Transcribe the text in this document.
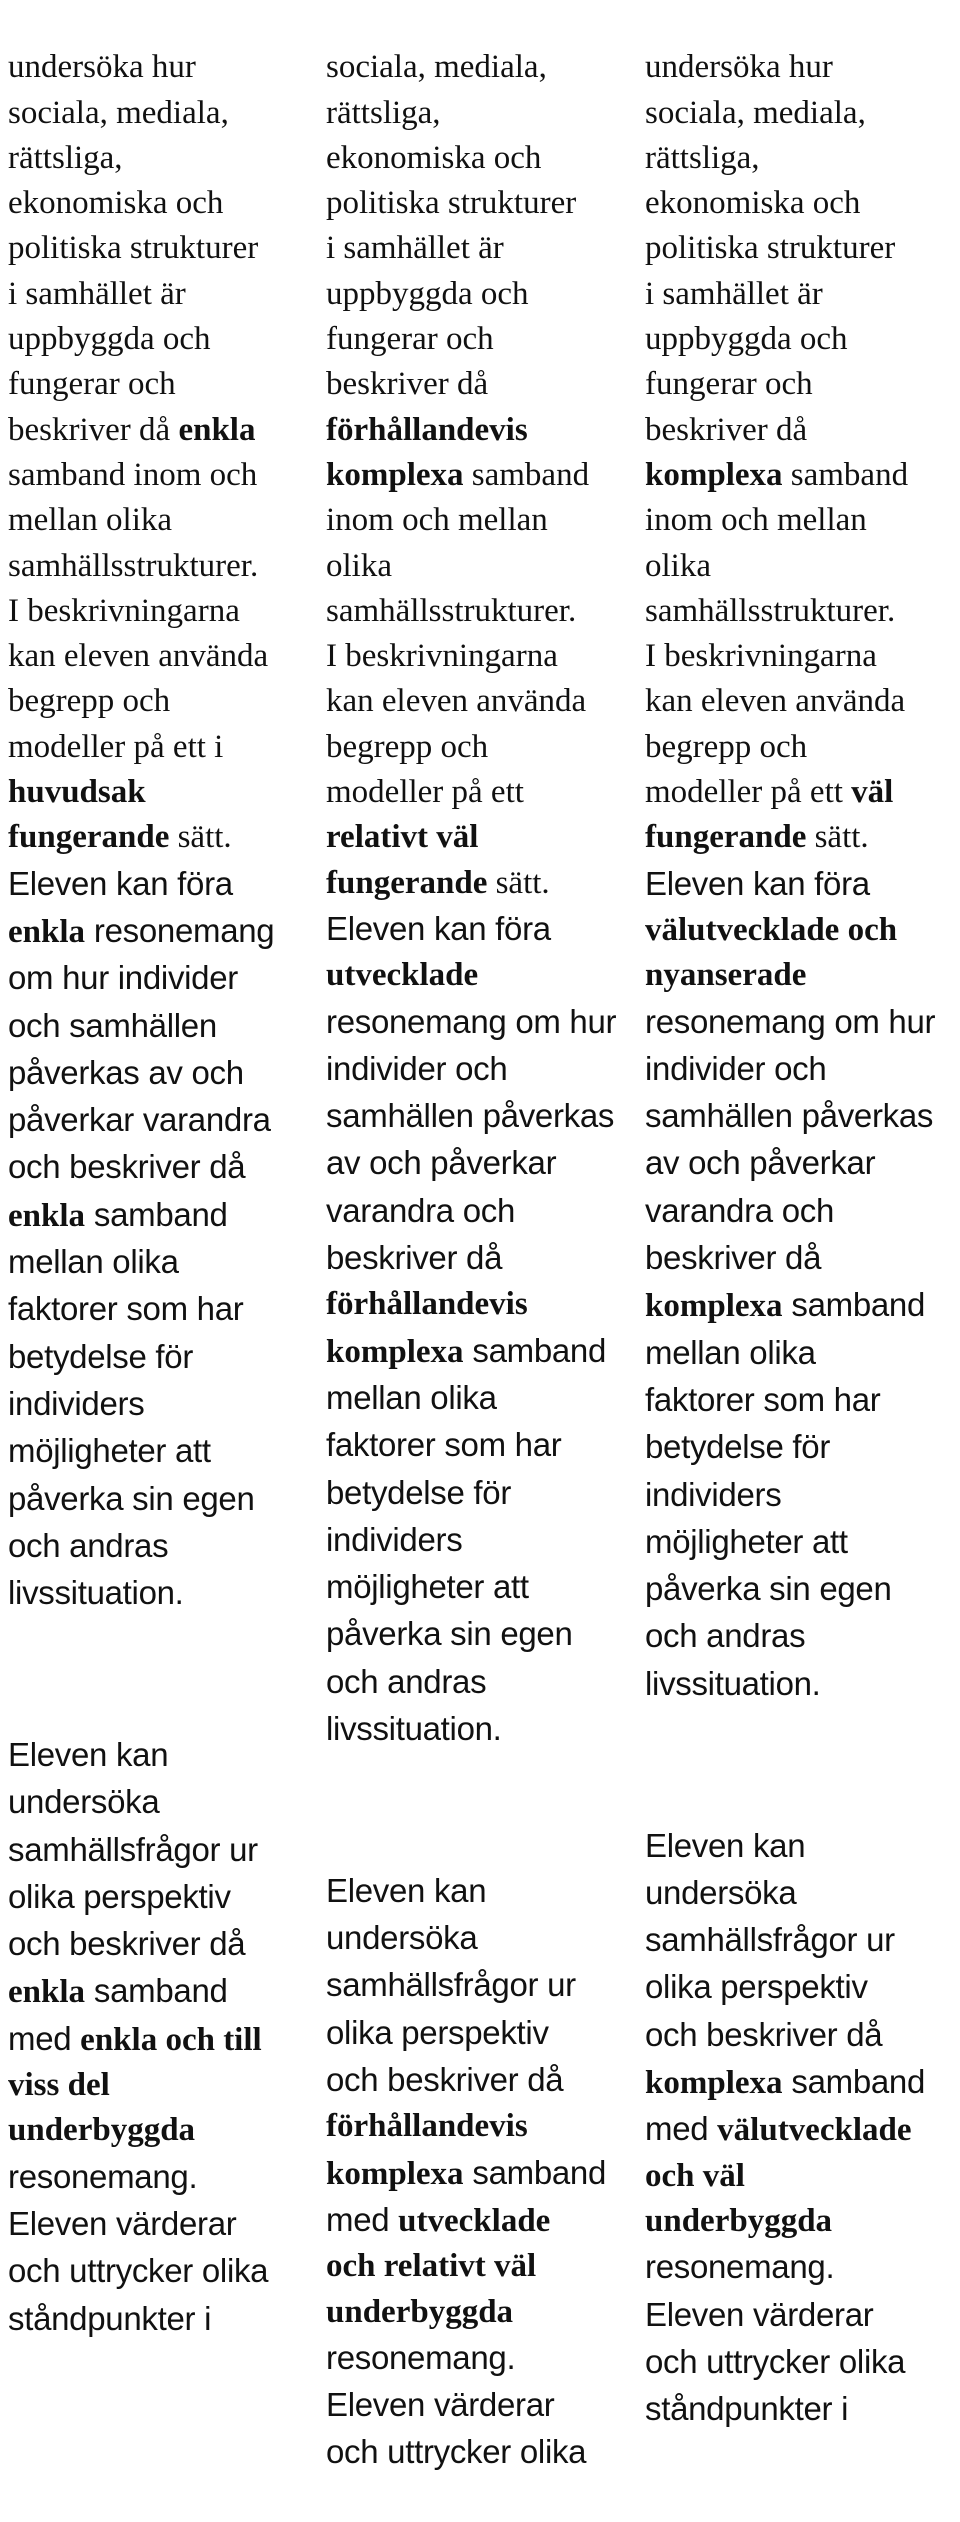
undersöka hur
sociala, mediala,
rättsliga,
ekonomiska och
politiska strukturer
i samhället är
uppbyggda och
fungerar och
beskriver då enkla
samband inom och
mellan olika
samhällsstrukturer.
I beskrivningarna
kan eleven använda
begrepp och
modeller på ett i
huvudsak
fungerande sätt.
Eleven kan föra
enkla resonemang
om hur individer
och samhällen
påverkas av och
påverkar varandra
och beskriver då
enkla samband
mellan olika
faktorer som har
betydelse för
individers
möjligheter att
påverka sin egen
och andras
livssituation.

Eleven kan
undersöka
samhällsfrågor ur
olika perspektiv
och beskriver då
enkla samband
med enkla och till
viss del
underbyggda
resonemang.
Eleven värderar
och uttrycker olika
ståndpunkter i

sociala, mediala,
rättsliga,
ekonomiska och
politiska strukturer
i samhället är
uppbyggda och
fungerar och
beskriver då
förhållandevis
komplexa samband
inom och mellan
olika
samhällsstrukturer.
I beskrivningarna
kan eleven använda
begrepp och
modeller på ett
relativt väl
fungerande sätt.
Eleven kan föra
utvecklade
resonemang om hur
individer och
samhällen påverkas
av och påverkar
varandra och
beskriver då
förhållandevis
komplexa samband
mellan olika
faktorer som har
betydelse för
individers
möjligheter att
påverka sin egen
och andras
livssituation.

Eleven kan
undersöka
samhällsfrågor ur
olika perspektiv
och beskriver då
förhållandevis
komplexa samband
med utvecklade
och relativt väl
underbyggda
resonemang.
Eleven värderar
och uttrycker olika

undersöka hur
sociala, mediala,
rättsliga,
ekonomiska och
politiska strukturer
i samhället är
uppbyggda och
fungerar och
beskriver då
komplexa samband
inom och mellan
olika
samhällsstrukturer.
I beskrivningarna
kan eleven använda
begrepp och
modeller på ett väl
fungerande sätt.
Eleven kan föra
välutvecklade och
nyanserade
resonemang om hur
individer och
samhällen påverkas
av och påverkar
varandra och
beskriver då
komplexa samband
mellan olika
faktorer som har
betydelse för
individers
möjligheter att
påverka sin egen
och andras
livssituation.

Eleven kan
undersöka
samhällsfrågor ur
olika perspektiv
och beskriver då
komplexa samband
med välutvecklade
och väl
underbyggda
resonemang.
Eleven värderar
och uttrycker olika
ståndpunkter i
